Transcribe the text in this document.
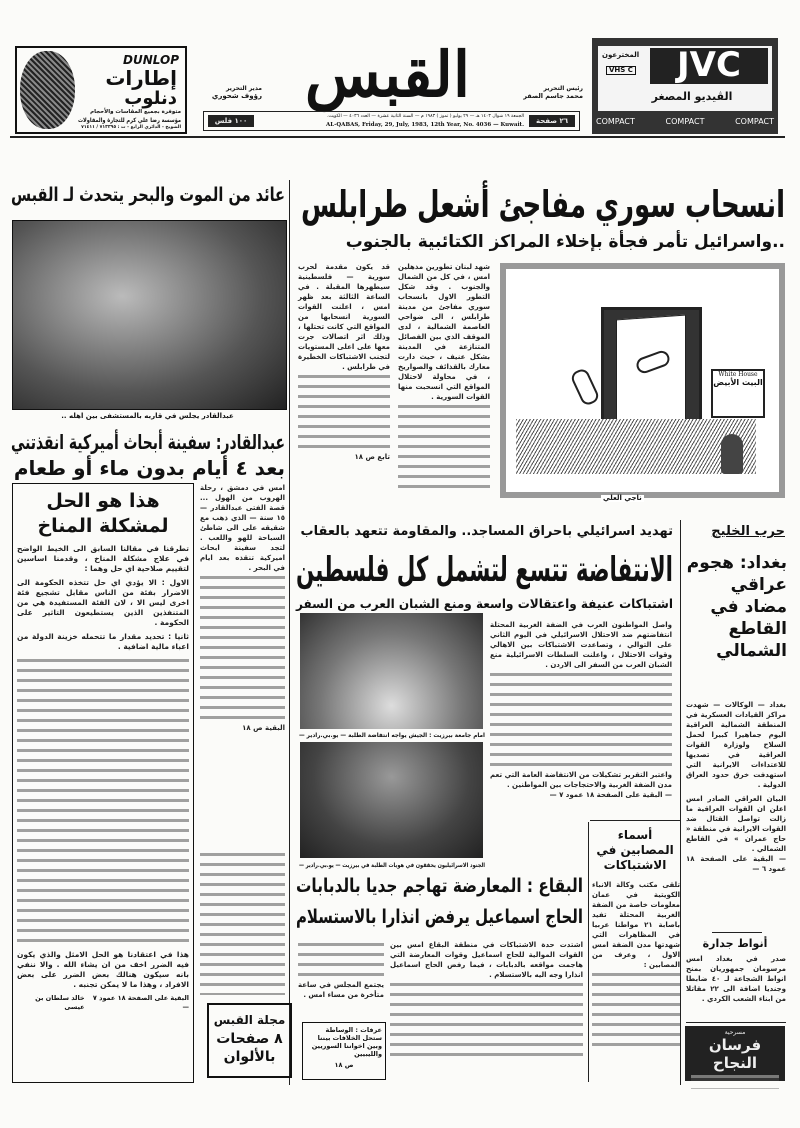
DUNLOP
إطارات
دنلوب
متوفرة بجميع المقاسات والأحجام
مؤسسة رضا علي كرم للتجارة والمقاولات
الشويخ - الدائري الرابع - ت : ٧١٣٣٩٥ / ٧١٤١١
القبس
مدير التحرير
رؤوف شحوري
رئيس التحرير
محمد جاسم الصقر
١٠٠ فلس
الجمعة ١٩ شوال ١٤٠٣ هـ — ٢٩ يوليو ( تموز ) ١٩٨٣ م — السنة الثانية عشرة — العدد ٤٠٣٦ — الكويت.
AL-QABAS, Friday, 29, July, 1983, 12th Year, No. 4036 — Kuwait.	٢٦ صفحة
JVC
المخترعون
VHS C
الڤيديو المصغر
COMPACT	COMPACT	COMPACT
انسحاب سوري مفاجئ أشعل طرابلس
..واسرائيل تأمر فجأة بإخلاء المراكز الكتائبية بالجنوب
شهد لبنان تطورين مذهلين امس ، في كل من الشمال والجنوب . وقد شكل التطور الاول بانسحاب سوري مفاجئ من مدينة طرابلس ، الى ضواحي العاصمة الشمالية ، لدى الموقف الذي بين الفصائل المتنازعة في المدينة بشكل عنيف ، حيث دارت معارك بالقذائف والصواريخ ، في محاولة لاحتلال المواقع التي انسحبت منها القوات السورية .
قد يكون مقدمة لحرب سورية — فلسطينية سيطهرها المقبلة . في الساعة الثالثة بعد ظهر امس ، اعلنت القوات السورية انسحابها من المواقع التي كانت تحتلها ، وذلك اثر اتصالات جرت معها على اعلى المستويات لتجنب الاشتباكات الخطيرة في طرابلس .
تابع ص ١٨
White House
البيت الأبيض
ناجي العلي
عائد من الموت والبحر يتحدث لـ القبس
عبدالقادر يجلس في قاربه بالمستشفى بين اهله ..
عبدالقادر: سفينة أبحاث أميركية انقذتني
بعد ٤ أيام بدون ماء أو طعام
امس في دمشق ، رحلة الهروب من الهول ... قصة الفتى عبدالقادر — ١٥ سنة — الذي ذهب مع شقيقه على الى شاطئ السباحة للهو واللعب . لتجد سفينة ابحاث اميركية تنقذه بعد ايام في البحر .
البقية ص ١٨
هذا هو الحل
لمشكلة المناخ
تطرقنا في مقالنا السابق الى الخيط الواضح في علاج مشكلة المناخ ، وقدمنا اساسين لتقييم صلاحية اي حل وهما :
الاول : الا يؤدي اي حل تتخذه الحكومة الى الاضرار بفئة من الناس مقابل تشجيع فئة اخرى ليس الا ، لان الفئة المستفيدة هي من المتنفذين الذين يستطيعون التاثير على الحكومة .
ثانيا : تحديد مقدار ما تتحمله خزينة الدولة من اعباء مالية اضافية .
هذا في اعتقادنا هو الحل الامثل والذي يكون فيه الضرر اخف من ان يشاء الله . والا ننفي بانه سيكون هنالك بعض الضرر على بعض الافراد ، وهذا ما لا يمكن تجنبه .
البقية على الصفحة ١٨ عمود ٧ —
خالد سلطان بن عيسى
تهديد اسرائيلي باحراق المساجد.. والمقاومة تتعهد بالعقاب
الانتفاضة تتسع لتشمل كل فلسطين
اشتباكات عنيفة واعتقالات واسعة ومنع الشبان العرب من السفر
امام جامعة بيرزيت : الجيش يواجه انتفاضة الطلبة — يو.بي.رادير —
الجنود الاسرائيليون يحققون في هويات الطلبة في بيرزيت — يو.بي.رادير —
واصل المواطنون العرب في الضفة الغربية المحتلة انتفاضتهم ضد الاحتلال الاسرائيلي في اليوم الثاني على التوالي ، وتصاعدت الاشتباكات بين الاهالي وقوات الاحتلال ، واعلنت السلطات الاسرائيلية منع الشبان العرب من السفر الى الاردن .
واعتبر التقرير تشكيلات من الانتفاضة العامة التي تعم مدن الضفة الغربية والاحتجاجات بين المواطنين .
— البقية على الصفحة ١٨ عمود ٧ —
أسماء المصابين في الاشتباكات
تلقى مكتب وكالة الانباء الكويتية في عمان معلومات خاصة من الضفة الغربية المحتلة تفيد باصابة ٢١ مواطنا عربيا في المظاهرات التي شهدتها مدن الضفة امس الاول ، وعرف من المصابين :
البقاع : المعارضة تهاجم جديا بالدبابات
الحاج اسماعيل يرفض انذارا بالاستسلام
اشتدت حدة الاشتباكات في منطقة البقاع امس بين القوات الموالية للحاج اسماعيل وقوات المعارضة التي هاجمت مواقعه بالدبابات ، فيما رفض الحاج اسماعيل انذارا وجه اليه بالاستسلام .
يجتمع المجلس في ساعة متأخرة من مساء امس .
مجلة القبس
٨ صفحات
بالألوان
عرفات : الوساطة ستحل الخلافات بيننا وبين اخواننا السوريين والليبيين
ص ١٨
حرب الخليج
بغداد: هجوم عراقي مضاد في القاطع الشمالي
بغداد — الوكالات — شهدت مراكز القيادات العسكرية في المنطقة الشمالية العراقية اليوم جماهيرا كبيرا لحمل السلاح ولوزارة القوات العراقية في تصديها للاعتداءات الايرانية التي استهدفت خرق حدود العراق الدولية .
البيان العراقي الصادر امس اعلن ان القوات العراقية ما زالت تواصل القتال ضد القوات الايرانية في منطقة « حاج عمران » في القاطع الشمالي .
— البقية على الصفحة ١٨ عمود ٦ —
أنواط جدارة
صدر في بغداد امس مرسومان جمهوريان بمنح انواط الشجاعة لـ ٤٠ ضابطا وجنديا اضافة الى ٢٢ مقاتلا من ابناء الشعب الكردي .
مسرحية
فرسان النجاح
